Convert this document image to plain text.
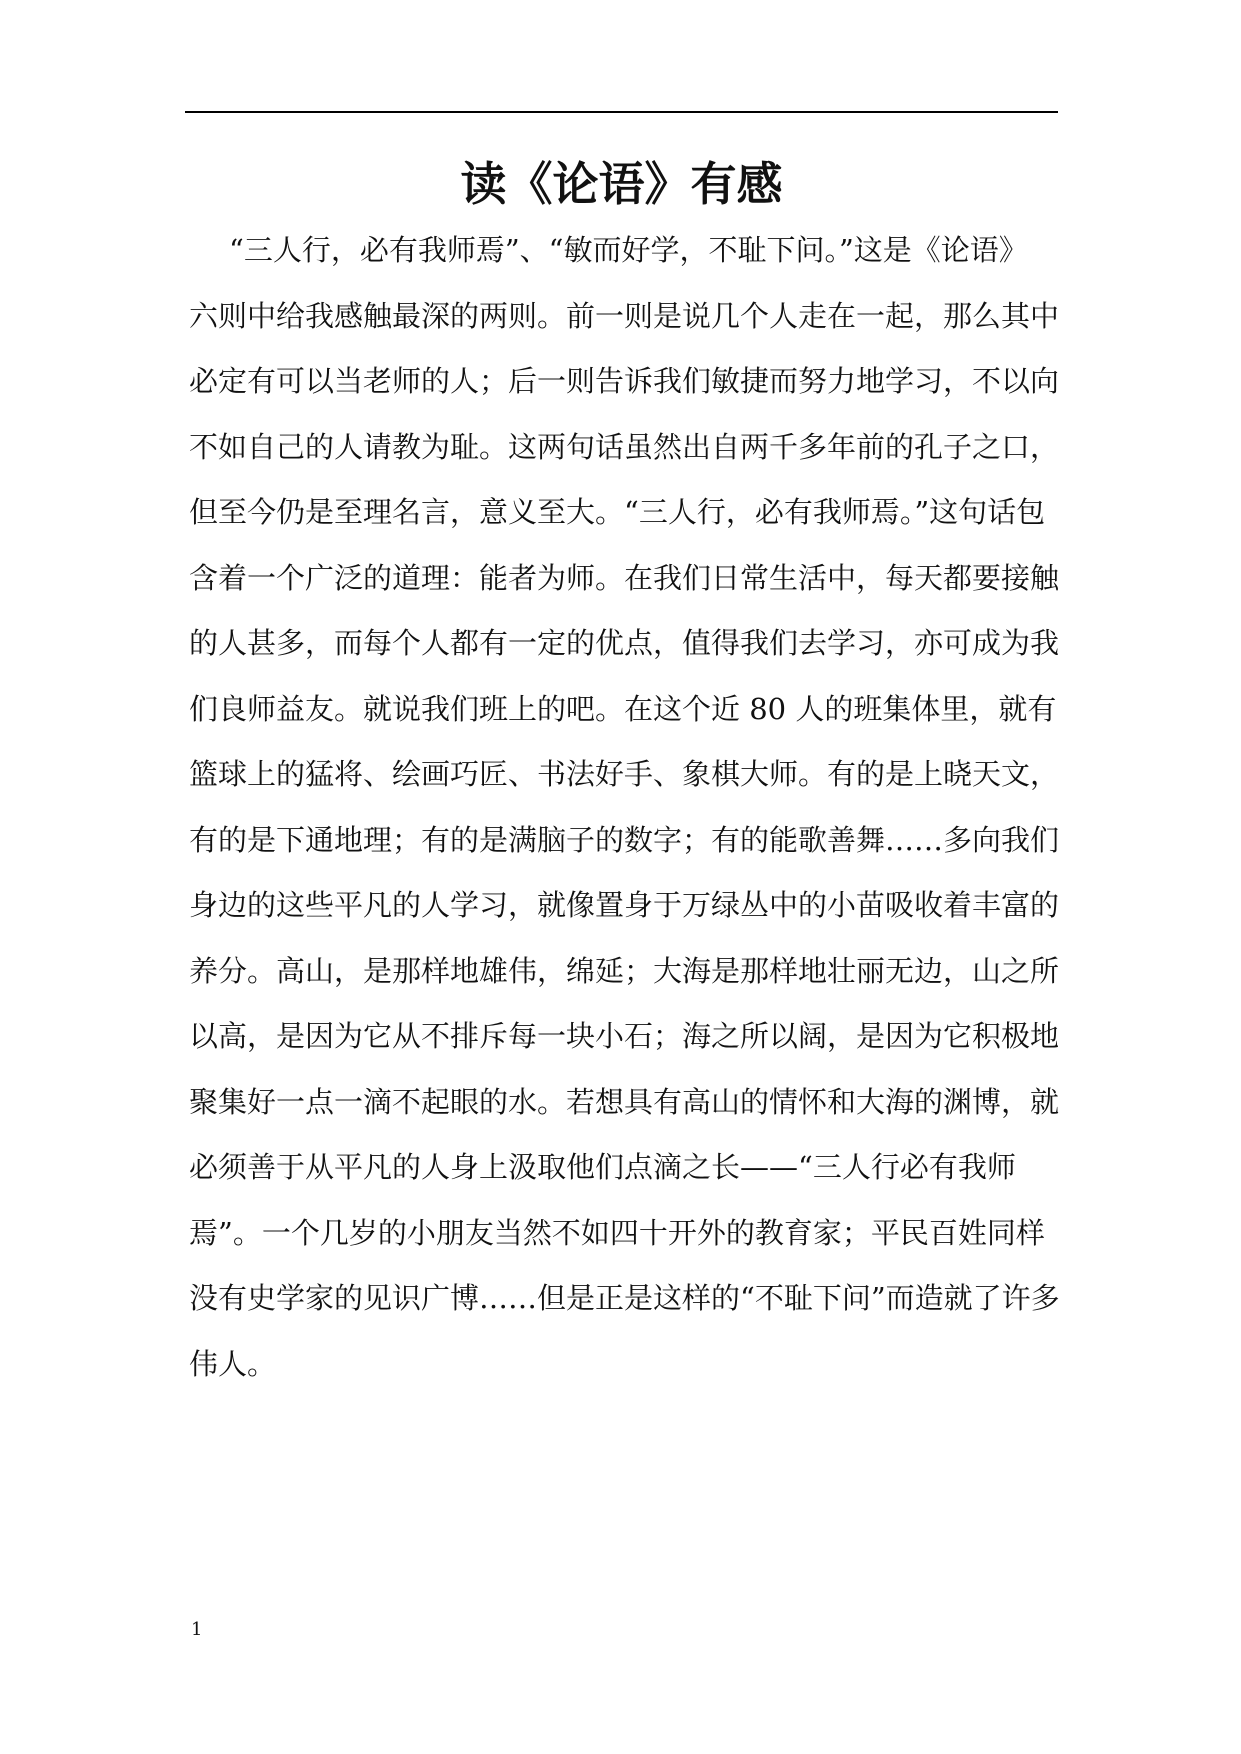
读《论语》有感
“三人行，必有我师焉”、“敏而好学，不耻下问。”这是《论语》
六则中给我感触最深的两则。前一则是说几个人走在一起，那么其中
必定有可以当老师的人；后一则告诉我们敏捷而努力地学习，不以向
不如自己的人请教为耻。这两句话虽然出自两千多年前的孔子之口，
但至今仍是至理名言，意义至大。“三人行，必有我师焉。”这句话包
含着一个广泛的道理：能者为师。在我们日常生活中，每天都要接触
的人甚多，而每个人都有一定的优点，值得我们去学习，亦可成为我
们良师益友。就说我们班上的吧。在这个近 80 人的班集体里，就有
篮球上的猛将、绘画巧匠、书法好手、象棋大师。有的是上晓天文，
有的是下通地理；有的是满脑子的数字；有的能歌善舞……多向我们
身边的这些平凡的人学习，就像置身于万绿丛中的小苗吸收着丰富的
养分。高山，是那样地雄伟，绵延；大海是那样地壮丽无边，山之所
以高，是因为它从不排斥每一块小石；海之所以阔，是因为它积极地
聚集好一点一滴不起眼的水。若想具有高山的情怀和大海的渊博，就
必须善于从平凡的人身上汲取他们点滴之长——“三人行必有我师
焉”。一个几岁的小朋友当然不如四十开外的教育家；平民百姓同样
没有史学家的见识广博……但是正是这样的“不耻下问”而造就了许多
伟人。
1
